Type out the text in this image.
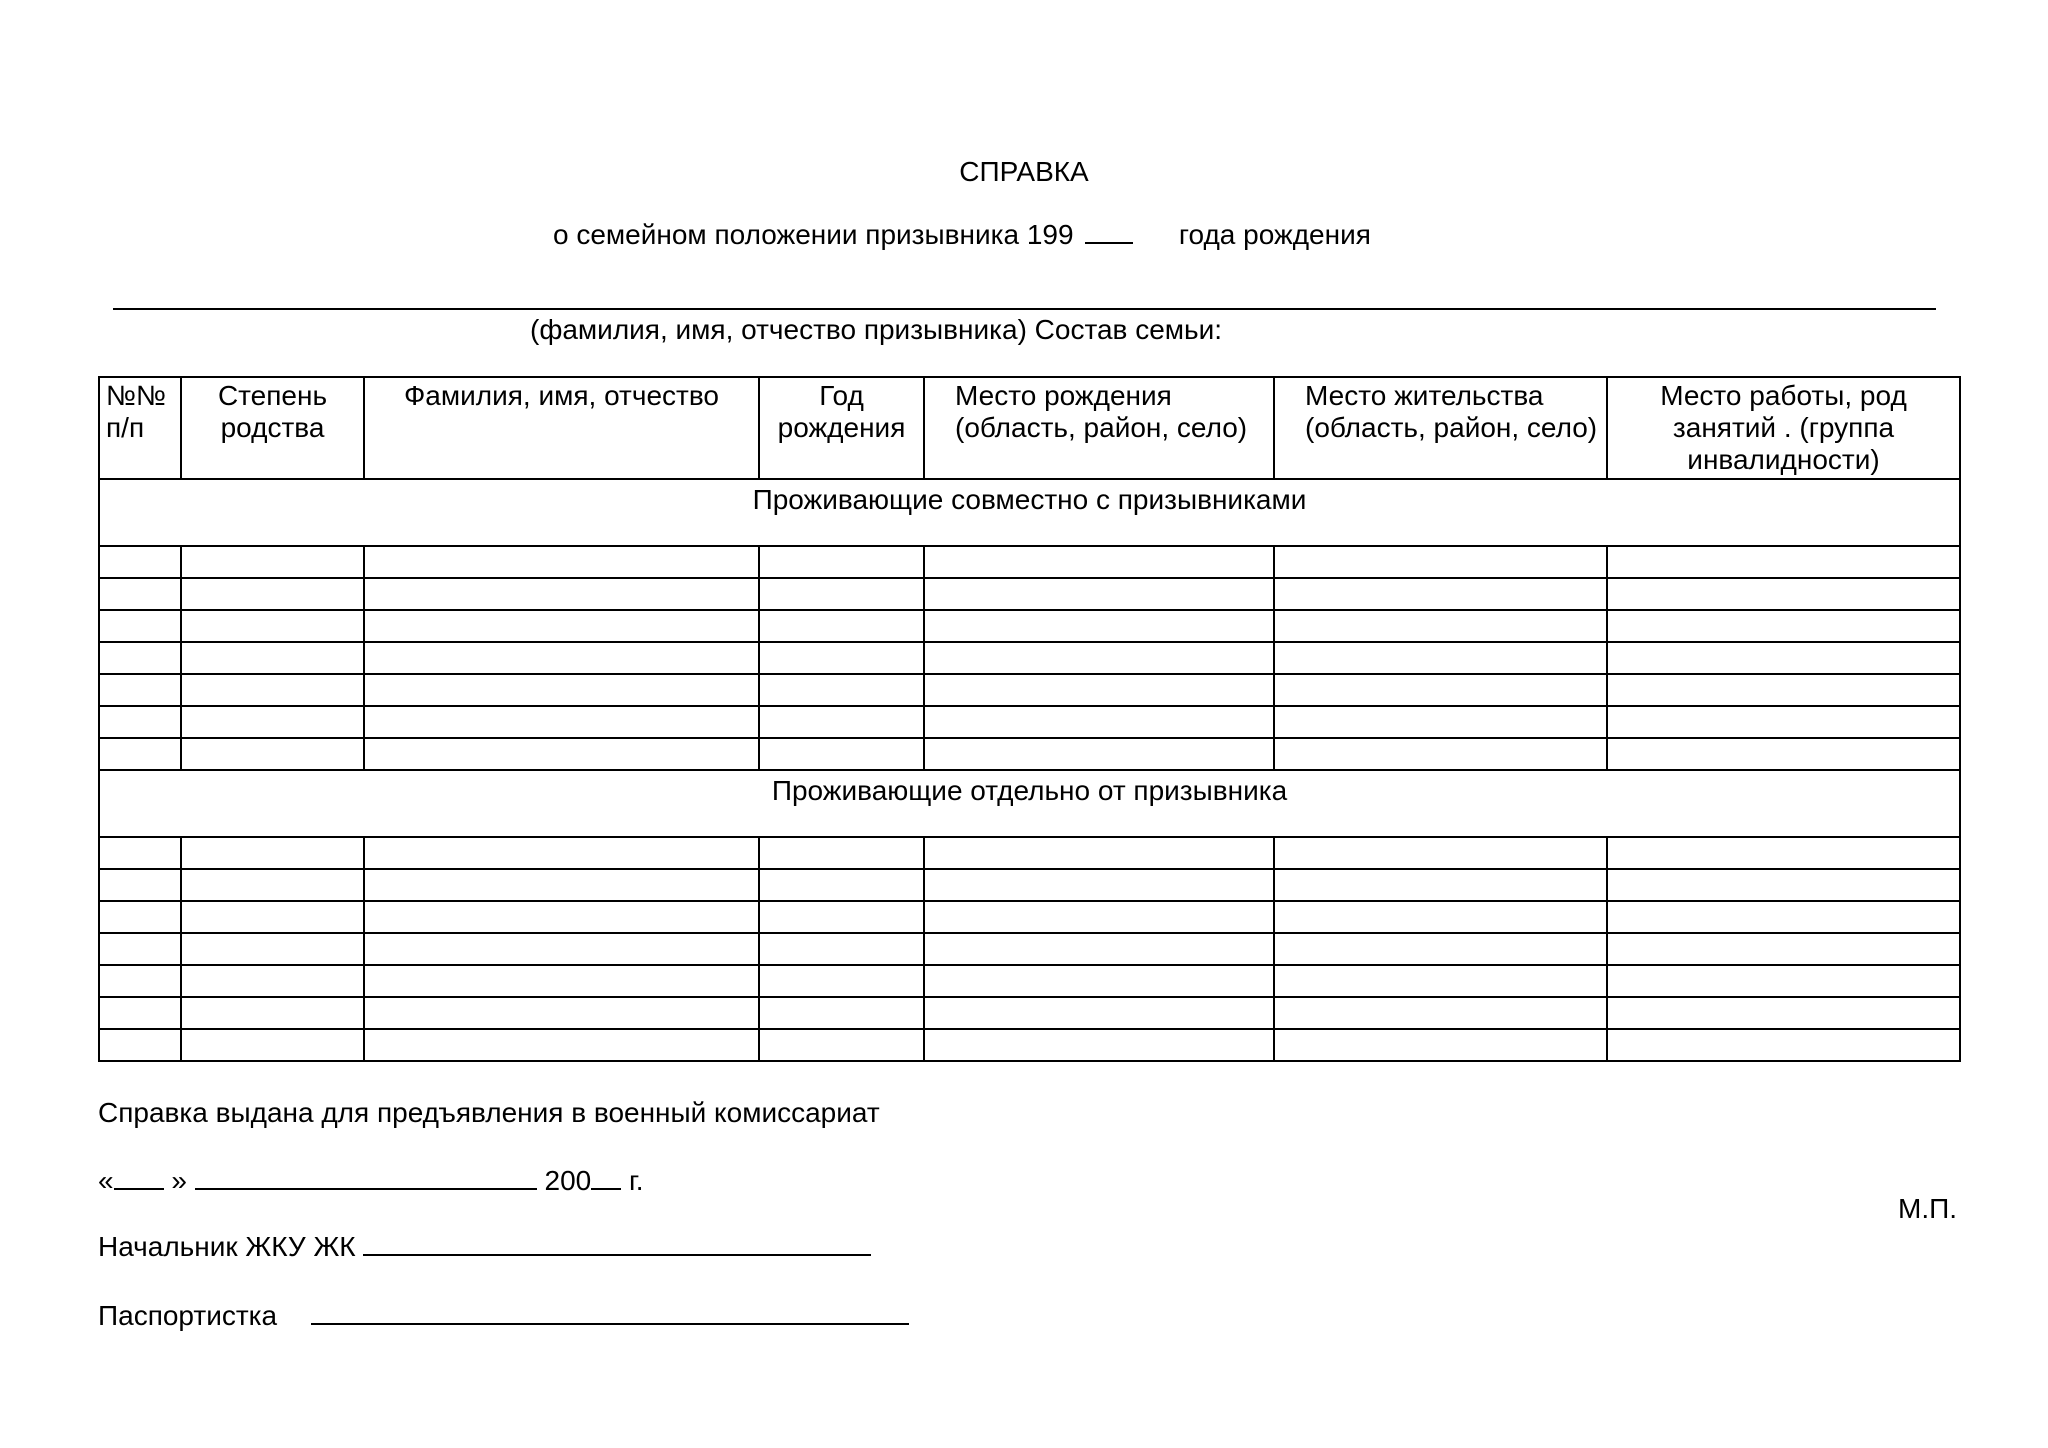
СПРАВКА
о семейном положении призывника 199	года рождения
(фамилия, имя, отчество призывника) Состав семьи:
№№ п/п	Степень родства	Фамилия, имя, отчество	Год рождения	Место рождения (область, район, село)	Место жительства (область, район, село)	Место работы, род занятий . (группа инвалидности)
Проживающие совместно с призывниками						

Проживающие отдельно от призывника						

Справка выдана для предъявления в военный комиссариат
« »	200 г.
М.П.
Начальник ЖКУ ЖК
Паспортистка
